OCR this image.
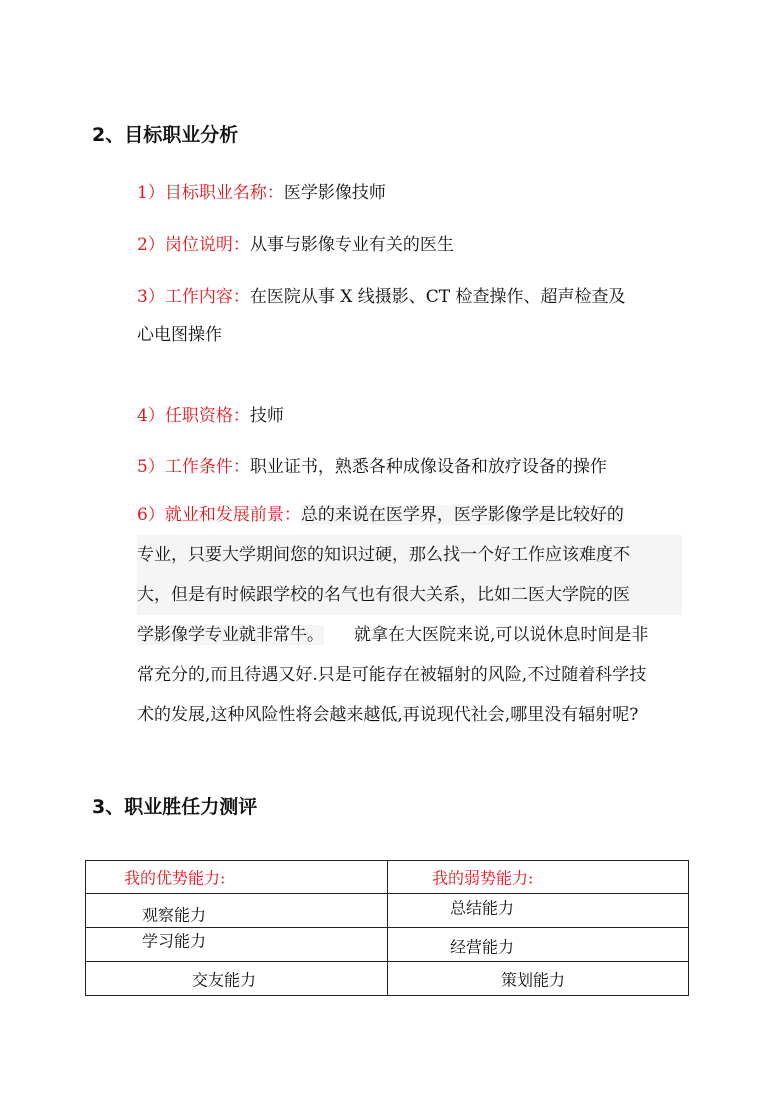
2、目标职业分析
1）目标职业名称：医学影像技师
2）岗位说明：从事与影像专业有关的医生
3）工作内容：在医院从事 X 线摄影、CT 检查操作、超声检查及
心电图操作
4）任职资格：技师
5）工作条件：职业证书，熟悉各种成像设备和放疗设备的操作
6）就业和发展前景：总的来说在医学界，医学影像学是比较好的
专业，只要大学期间您的知识过硬，那么找一个好工作应该难度不
大，但是有时候跟学校的名气也有很大关系，比如二医大学院的医
学影像学专业就非常牛。 就拿在大医院来说,可以说休息时间是非
常充分的,而且待遇又好.只是可能存在被辐射的风险,不过随着科学技
术的发展,这种风险性将会越来越低,再说现代社会,哪里没有辐射呢?
3、职业胜任力测评
我的优势能力:	我的弱势能力:

观察能力	总结能力

学习能力	经营能力

交友能力	策划能力
